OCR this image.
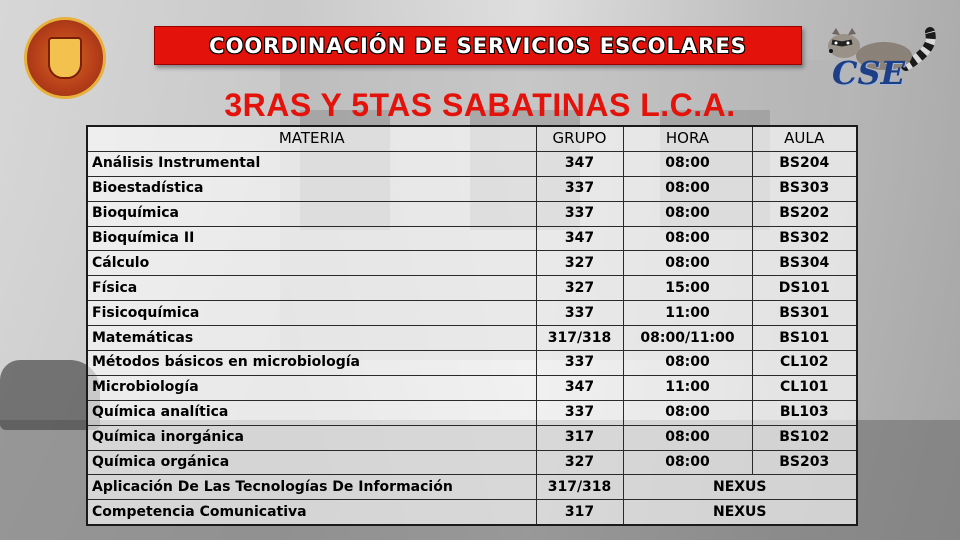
COORDINACIÓN DE SERVICIOS ESCOLARES
CSE
3RAS Y 5TAS SABATINAS L.C.A.
MATERIA	GRUPO	HORA	AULA
Análisis Instrumental	347	08:00	BS204
Bioestadística	337	08:00	BS303
Bioquímica	337	08:00	BS202
Bioquímica II	347	08:00	BS302
Cálculo	327	08:00	BS304
Física	327	15:00	DS101
Fisicoquímica	337	11:00	BS301
Matemáticas	317/318	08:00/11:00	BS101
Métodos básicos en microbiología	337	08:00	CL102
Microbiología	347	11:00	CL101
Química analítica	337	08:00	BL103
Química inorgánica	317	08:00	BS102
Química orgánica	327	08:00	BS203
Aplicación De Las Tecnologías De Información	317/318	NEXUS	
Competencia Comunicativa	317	NEXUS	
